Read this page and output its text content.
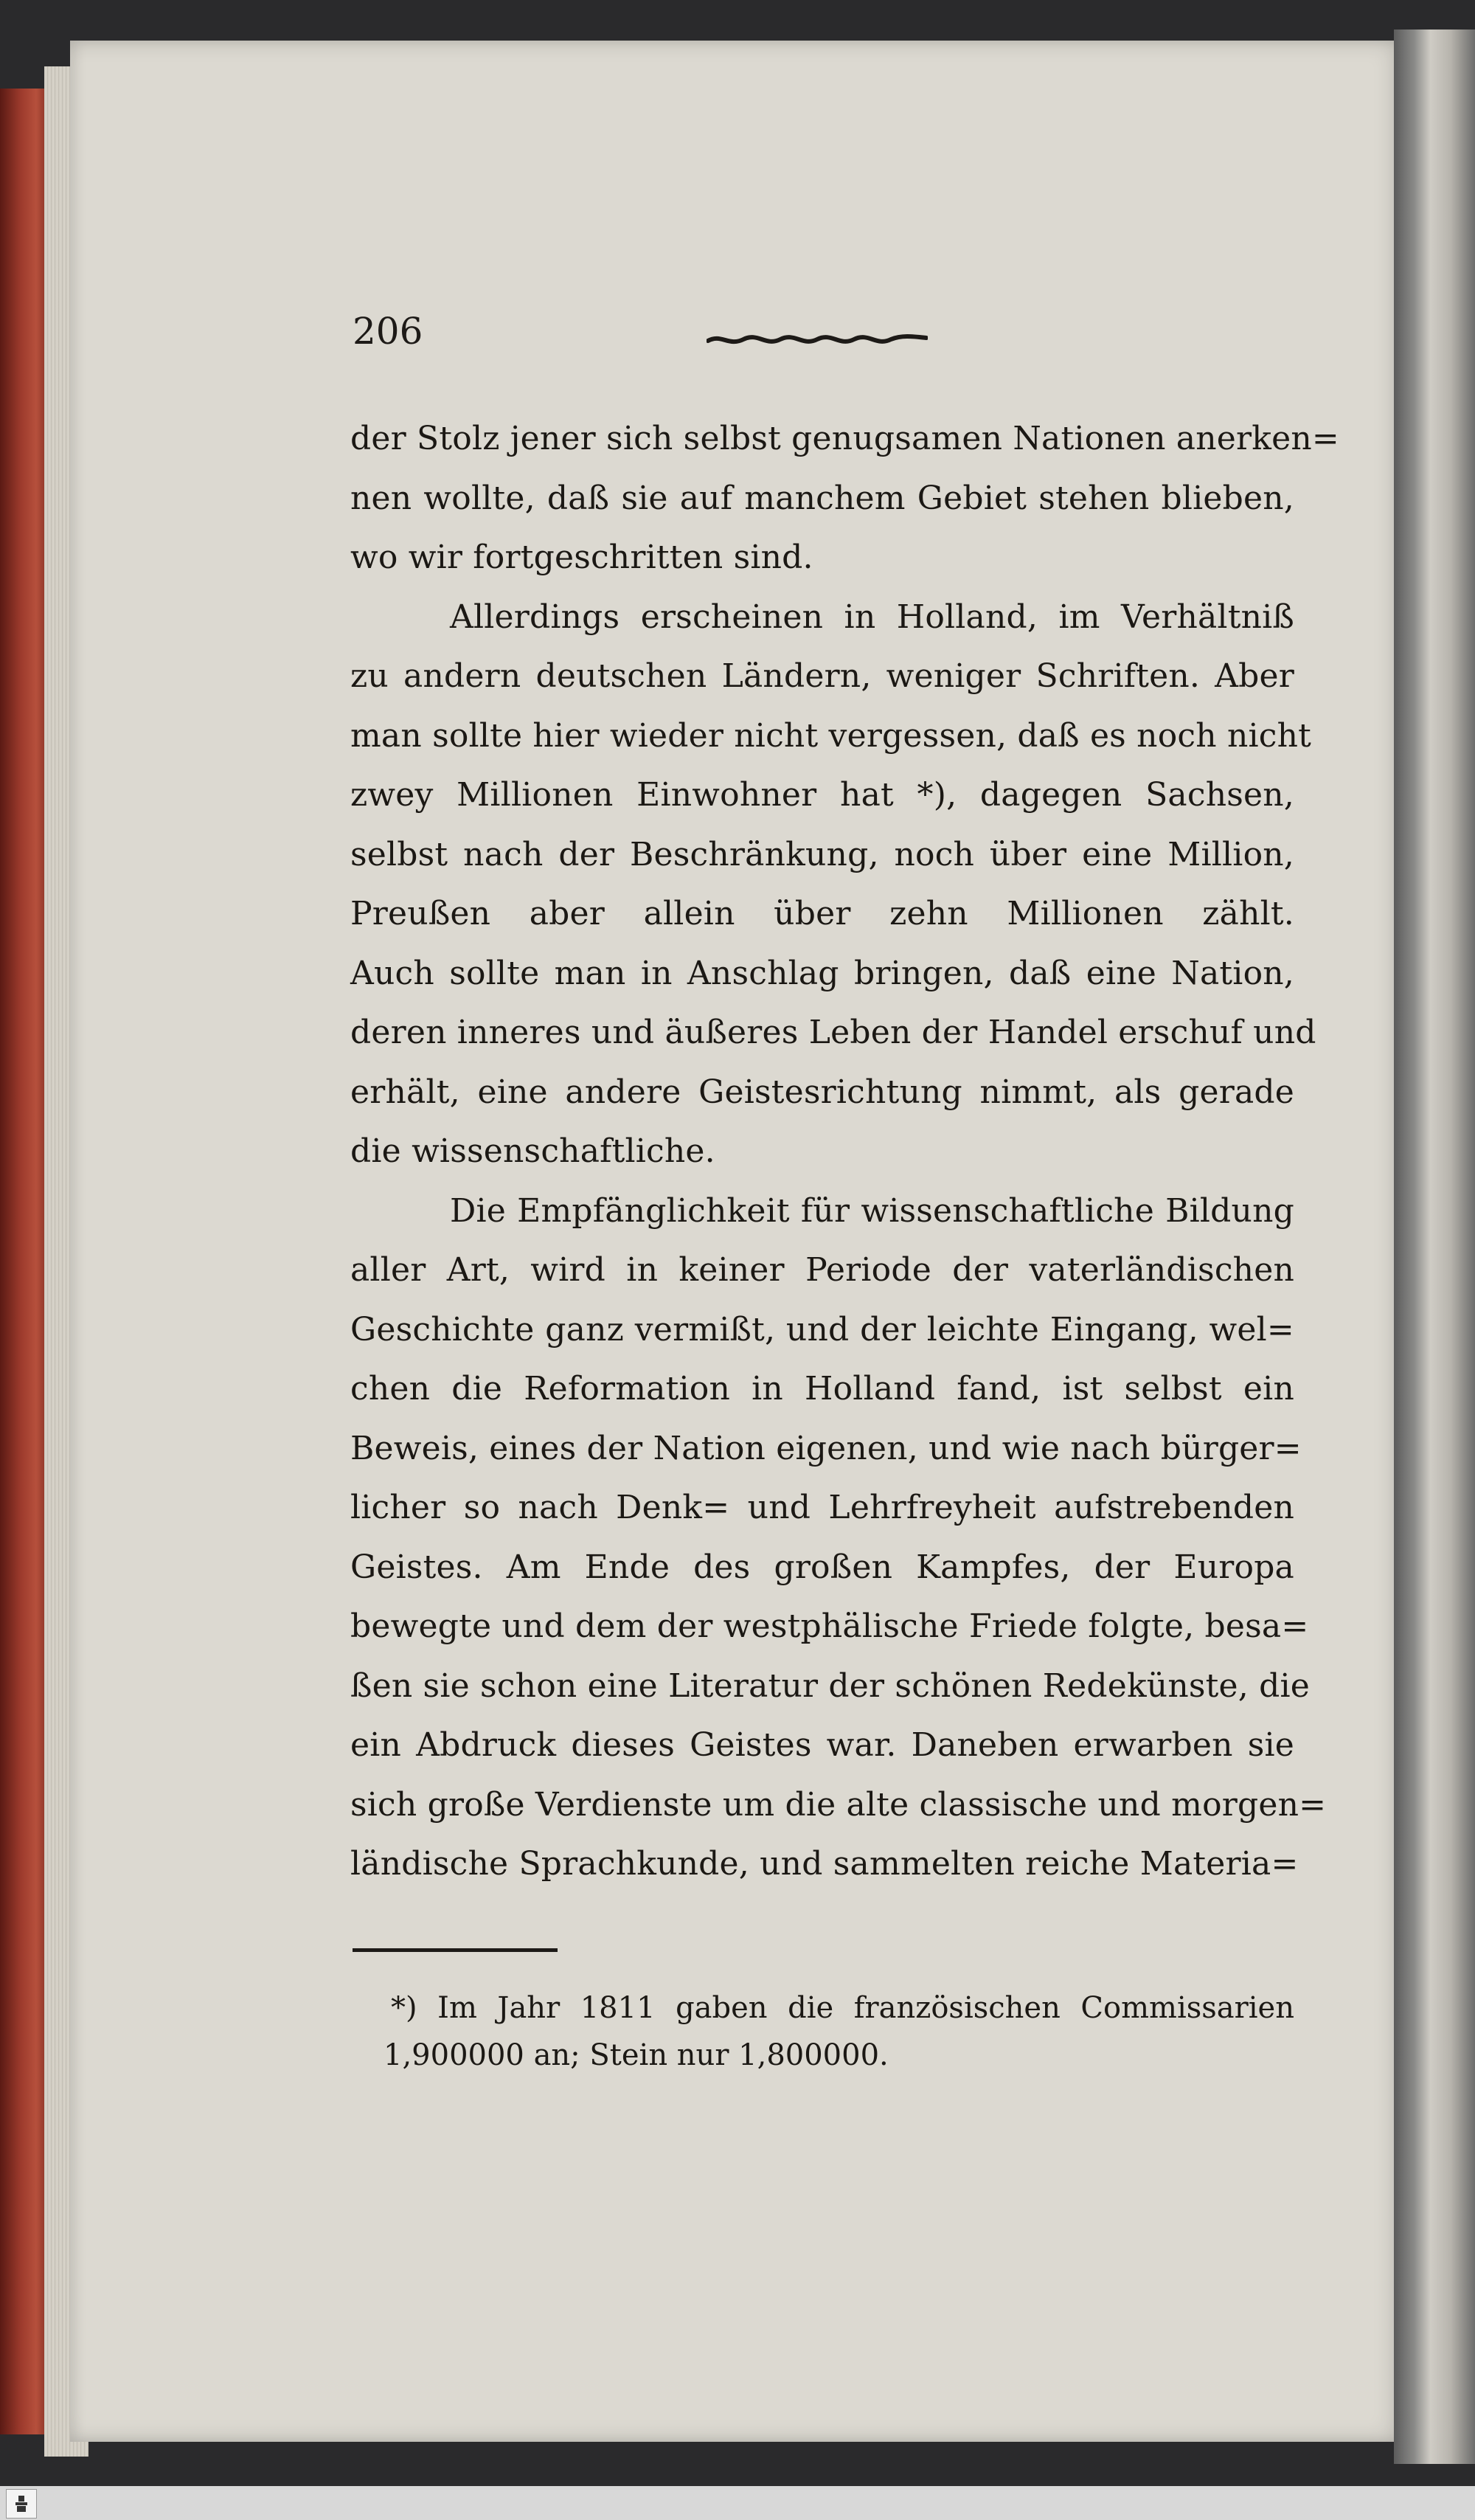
206
der Stolz jener sich selbst genugsamen Nationen anerken=
nen wollte, daß sie auf manchem Gebiet stehen blieben,
wo wir fortgeschritten sind.
Allerdings erscheinen in Holland, im Verhältniß
zu andern deutschen Ländern, weniger Schriften. Aber
man sollte hier wieder nicht vergessen, daß es noch nicht
zwey Millionen Einwohner hat *), dagegen Sachsen,
selbst nach der Beschränkung, noch über eine Million,
Preußen aber allein über zehn Millionen zählt.
Auch sollte man in Anschlag bringen, daß eine Nation,
deren inneres und äußeres Leben der Handel erschuf und
erhält, eine andere Geistesrichtung nimmt, als gerade
die wissenschaftliche.
Die Empfänglichkeit für wissenschaftliche Bildung
aller Art, wird in keiner Periode der vaterländischen
Geschichte ganz vermißt, und der leichte Eingang, wel=
chen die Reformation in Holland fand, ist selbst ein
Beweis, eines der Nation eigenen, und wie nach bürger=
licher so nach Denk= und Lehrfreyheit aufstrebenden
Geistes. Am Ende des großen Kampfes, der Europa
bewegte und dem der westphälische Friede folgte, besa=
ßen sie schon eine Literatur der schönen Redekünste, die
ein Abdruck dieses Geistes war. Daneben erwarben sie
sich große Verdienste um die alte classische und morgen=
ländische Sprachkunde, und sammelten reiche Materia=
*) Im Jahr 1811 gaben die französischen Commissarien
1,900000 an; Stein nur 1,800000.
